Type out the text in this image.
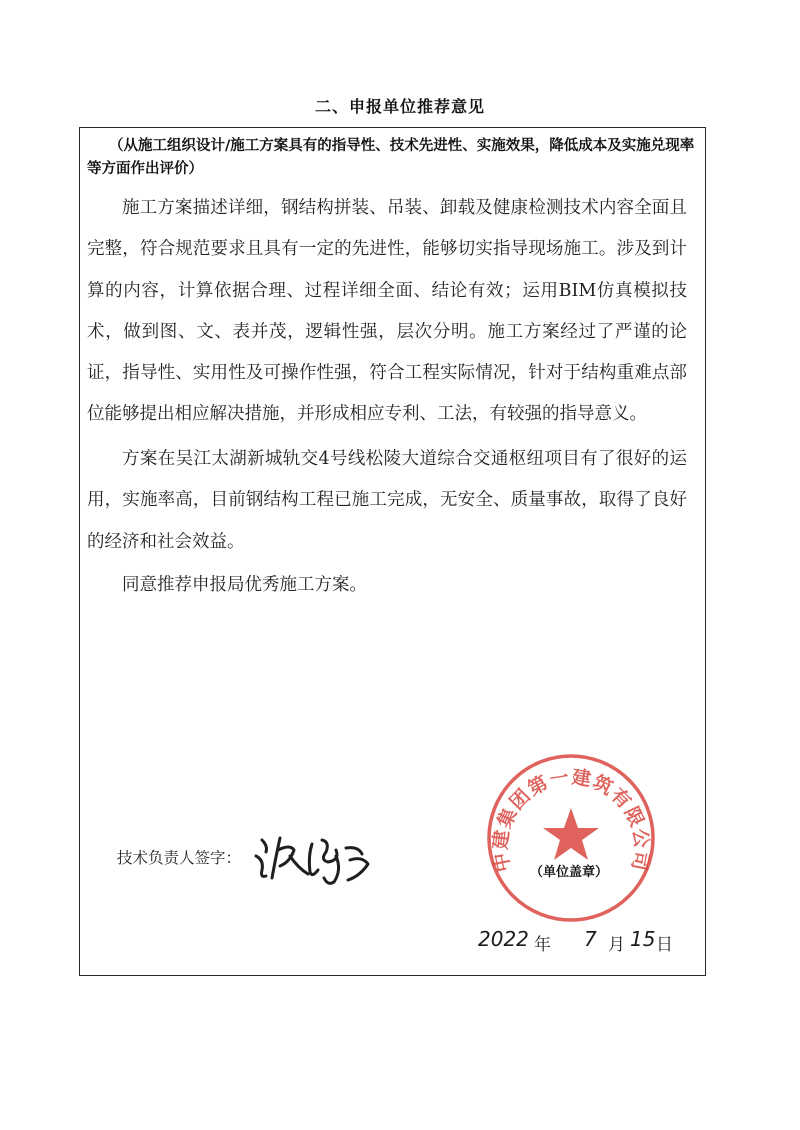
二、申报单位推荐意见
（从施工组织设计/施工方案具有的指导性、技术先进性、实施效果，降低成本及实施兑现率等方面作出评价）
施工方案描述详细，钢结构拼装、吊装、卸载及健康检测技术内容全面且完整，符合规范要求且具有一定的先进性，能够切实指导现场施工。涉及到计算的内容，计算依据合理、过程详细全面、结论有效；运用BIM仿真模拟技术，做到图、文、表并茂，逻辑性强，层次分明。施工方案经过了严谨的论证，指导性、实用性及可操作性强，符合工程实际情况，针对于结构重难点部位能够提出相应解决措施，并形成相应专利、工法，有较强的指导意义。
方案在吴江太湖新城轨交4号线松陵大道综合交通枢纽项目有了很好的运用，实施率高，目前钢结构工程已施工完成，无安全、质量事故，取得了良好的经济和社会效益。
同意推荐申报局优秀施工方案。
技术负责人签字：	中建集团第一建筑有限公司
（单位盖章）
2022 年 7 月 15 日
